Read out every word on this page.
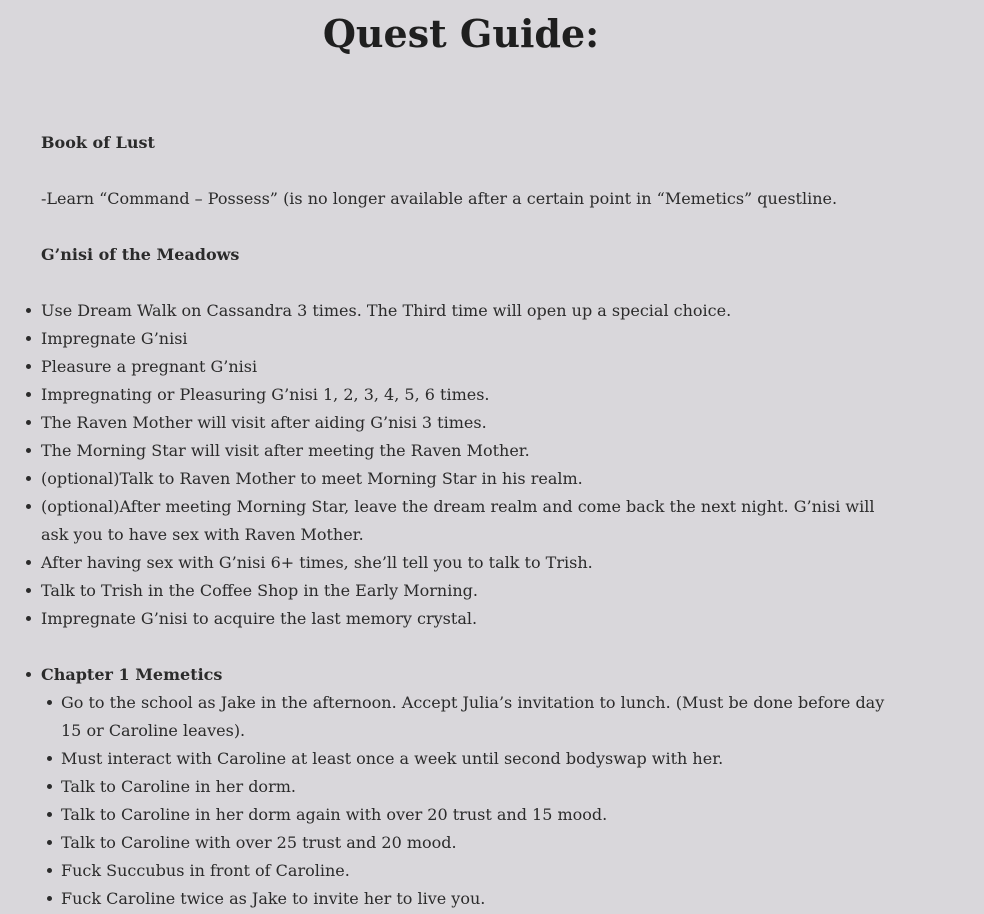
Quest Guide:

Book of Lust

-Learn “Command – Possess” (is no longer available after a certain point in “Memetics” questline.

G’nisi of the Meadows

Use Dream Walk on Cassandra 3 times. The Third time will open up a special choice.
Impregnate G’nisi
Pleasure a pregnant G’nisi
Impregnating or Pleasuring G’nisi 1, 2, 3, 4, 5, 6 times.
The Raven Mother will visit after aiding G’nisi 3 times.
The Morning Star will visit after meeting the Raven Mother.
(optional)Talk to Raven Mother to meet Morning Star in his realm.
(optional)After meeting Morning Star, leave the dream realm and come back the next night. G’nisi will ask you to have sex with Raven Mother.
After having sex with G’nisi 6+ times, she’ll tell you to talk to Trish.
Talk to Trish in the Coffee Shop in the Early Morning.
Impregnate G’nisi to acquire the last memory crystal.
Chapter 1 Memetics
Go to the school as Jake in the afternoon. Accept Julia’s invitation to lunch. (Must be done before day 15 or Caroline leaves).
Must interact with Caroline at least once a week until second bodyswap with her.
Talk to Caroline in her dorm.
Talk to Caroline in her dorm again with over 20 trust and 15 mood.
Talk to Caroline with over 25 trust and 20 mood.
Fuck Succubus in front of Caroline.
Fuck Caroline twice as Jake to invite her to live you.
